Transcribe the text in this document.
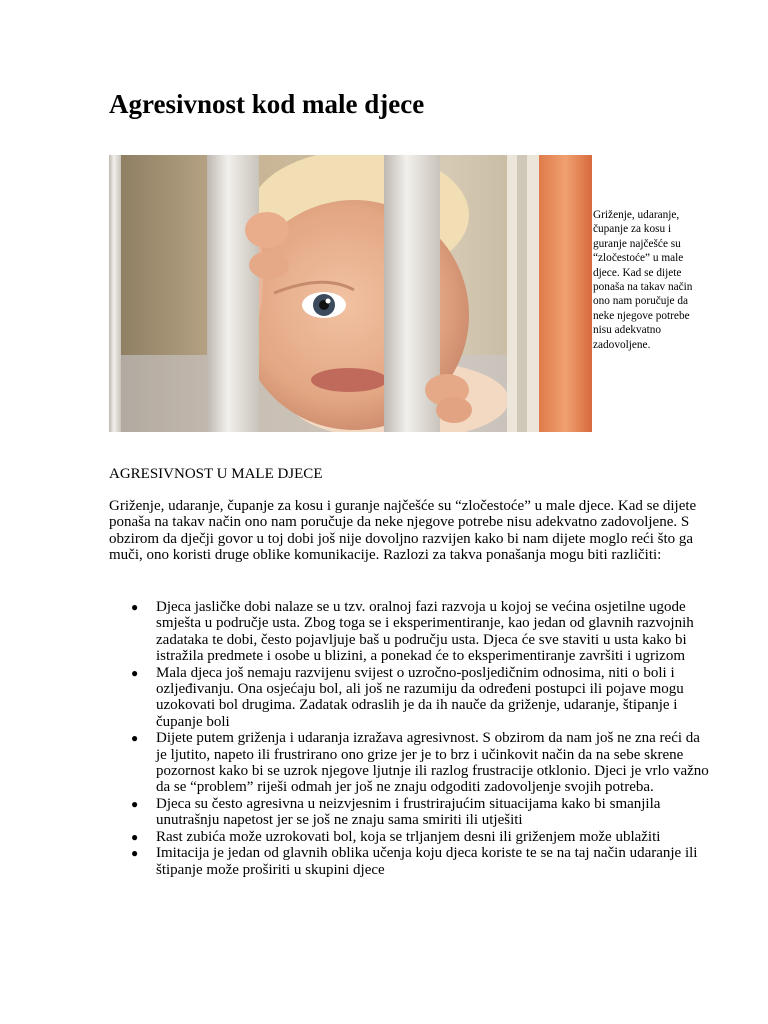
Agresivnost kod male djece

Griženje, udaranje, čupanje za kosu i guranje najčešće su “zločestoće” u male djece. Kad se dijete ponaša na takav način ono nam poručuje da neke njegove potrebe nisu adekvatno zadovoljene.

AGRESIVNOST U MALE DJECE

Griženje, udaranje, čupanje za kosu i guranje najčešće su “zločestoće” u male djece. Kad se dijete ponaša na takav način ono nam poručuje da neke njegove potrebe nisu adekvatno zadovoljene. S obzirom da dječji govor u toj dobi još nije dovoljno razvijen kako bi nam dijete moglo reći što ga muči, ono koristi druge oblike komunikacije. Razlozi za takva ponašanja mogu biti različiti:

● Djeca jasličke dobi nalaze se u tzv. oralnoj fazi razvoja u kojoj se većina osjetilne ugode smješta u područje usta. Zbog toga se i eksperimentiranje, kao jedan od glavnih razvojnih zadataka te dobi, često pojavljuje baš u području usta. Djeca će sve staviti u usta kako bi istražila predmete i osobe u blizini, a ponekad će to eksperimentiranje završiti i ugrizom
● Mala djeca još nemaju razvijenu svijest o uzročno-posljedičnim odnosima, niti o boli i ozljeđivanju. Ona osjećaju bol, ali još ne razumiju da određeni postupci ili pojave mogu uzokovati bol drugima. Zadatak odraslih je da ih nauče da griženje, udaranje, štipanje i čupanje boli
● Dijete putem griženja i udaranja izražava agresivnost. S obzirom da nam još ne zna reći da je ljutito, napeto ili frustrirano ono grize jer je to brz i učinkovit način da na sebe skrene pozornost kako bi se uzrok njegove ljutnje ili razlog frustracije otklonio. Djeci je vrlo važno da se “problem” riješi odmah jer još ne znaju odgoditi zadovoljenje svojih potreba.
● Djeca su često agresivna u neizvjesnim i frustrirajućim situacijama kako bi smanjila unutrašnju napetost jer se još ne znaju sama smiriti ili utješiti
● Rast zubića može uzrokovati bol, koja se trljanjem desni ili griženjem može ublažiti
● Imitacija je jedan od glavnih oblika učenja koju djeca koriste te se na taj način udaranje ili štipanje može proširiti u skupini djece
